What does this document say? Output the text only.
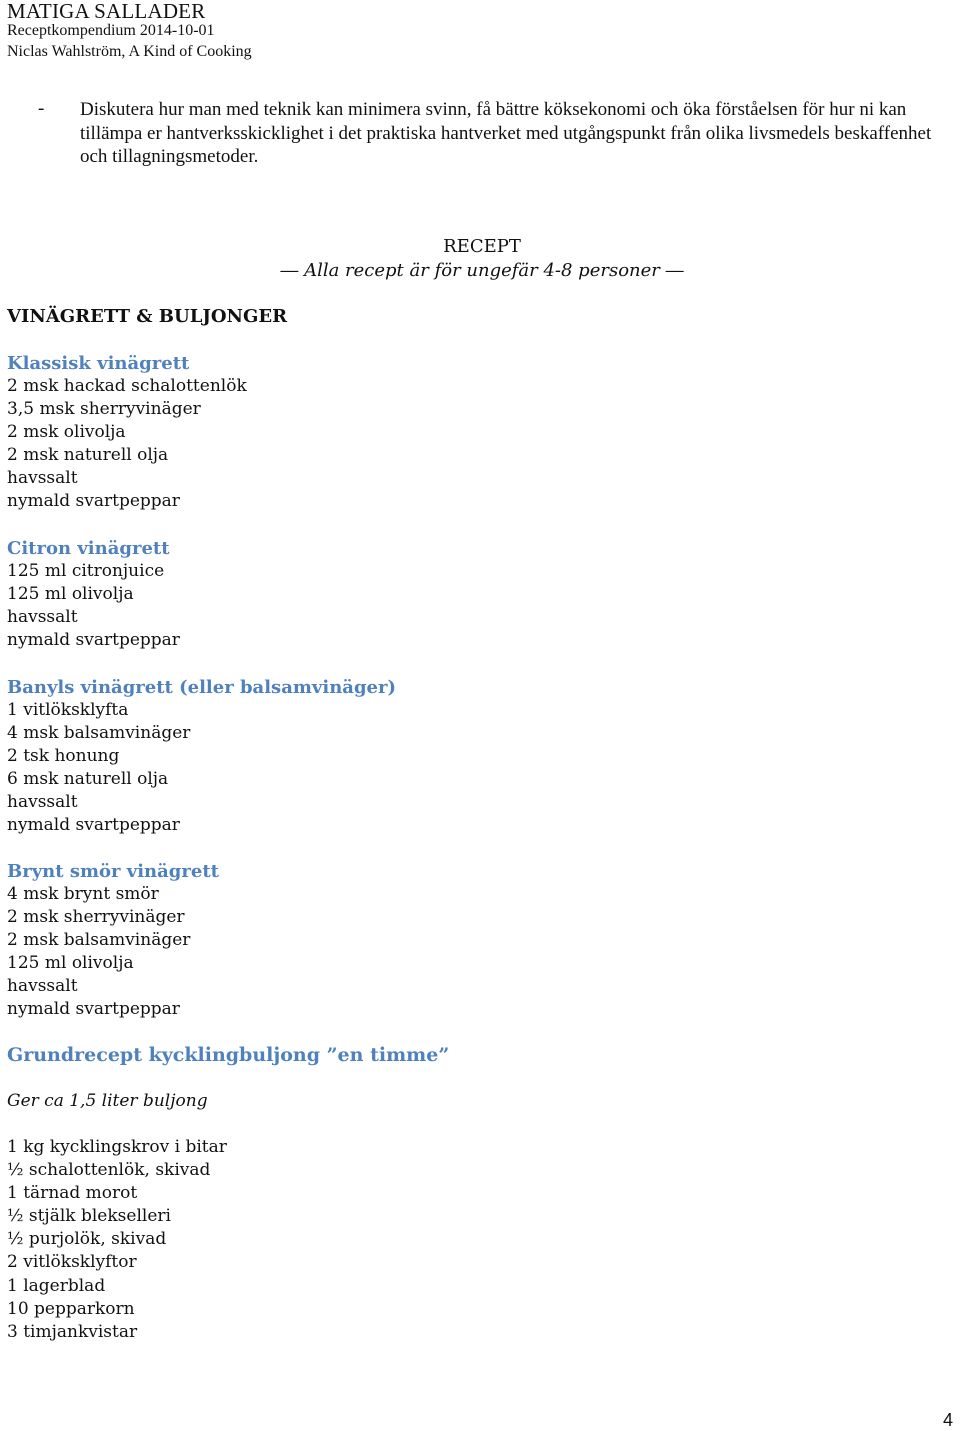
MATIGA SALLADER
Receptkompendium 2014-10-01
Niclas Wahlström, A Kind of Cooking
- Diskutera hur man med teknik kan minimera svinn, få bättre köksekonomi och öka förståelsen för hur ni kan tillämpa er hantverksskicklighet i det praktiska hantverket med utgångspunkt från olika livsmedels beskaffenhet och tillagningsmetoder.
RECEPT
― Alla recept är för ungefär 4-8 personer ―
VINÄGRETT & BULJONGER
Klassisk vinägrett
2 msk hackad schalottenlök
3,5 msk sherryvinäger
2 msk olivolja
2 msk naturell olja
havssalt
nymald svartpeppar
Citron vinägrett
125 ml citronjuice
125 ml olivolja
havssalt
nymald svartpeppar
Banyls vinägrett (eller balsamvinäger)
1 vitlöksklyfta
4 msk balsamvinäger
2 tsk honung
6 msk naturell olja
havssalt
nymald svartpeppar
Brynt smör vinägrett
4 msk brynt smör
2 msk sherryvinäger
2 msk balsamvinäger
125 ml olivolja
havssalt
nymald svartpeppar
Grundrecept kycklingbuljong ”en timme”
Ger ca 1,5 liter buljong
1 kg kycklingskrov i bitar
½ schalottenlök, skivad
1 tärnad morot
½ stjälk blekselleri
½ purjolök, skivad
2 vitlöksklyftor
1 lagerblad
10 pepparkorn
3 timjankvistar
4
